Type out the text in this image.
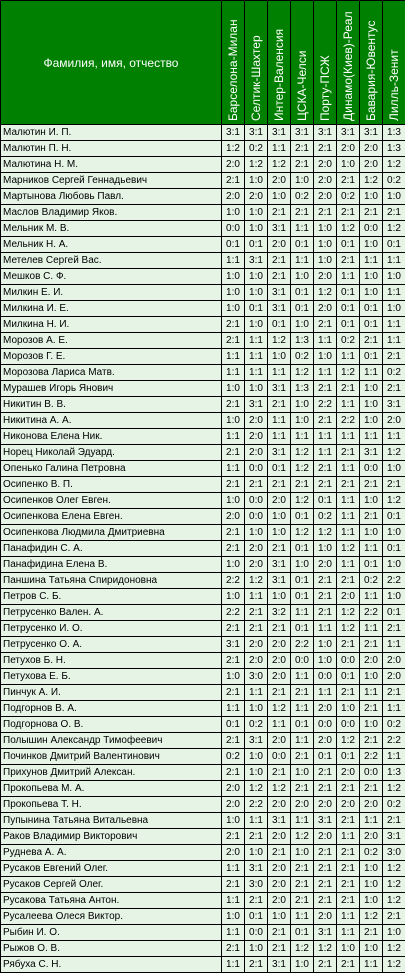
Фамилия, имя, отчество	Барселона-Милан	Селтик-Шахтер	Интер-Валенсия	ЦСКА-Челси	Порту-ПСЖ	Динамо(Киев)-Реал	Бавария-Ювентус	Лилль-Зенит
Малютин И. П.	3:1	3:1	3:1	3:1	3:1	3:1	3:1	1:3
Малютин П. Н.	1:2	0:2	1:1	2:1	2:1	2:0	2:0	1:3
Малютина Н. М.	2:0	1:2	1:2	2:1	2:0	1:0	2:0	1:2
Марников Сергей Геннадьевич	2:1	1:0	2:0	1:0	2:0	2:1	1:2	0:2
Мартынова Любовь Павл.	2:0	2:0	1:0	0:2	2:0	0:2	1:0	1:0
Маслов Владимир Яков.	1:0	1:0	2:1	2:1	2:1	2:1	2:1	2:1
Мельник М. В.	0:0	1:0	3:1	1:1	1:0	1:2	0:0	1:2
Мельник Н. А.	0:1	0:1	2:0	0:1	1:0	0:1	1:0	0:1
Метелев Сергей Вас.	1:1	3:1	2:1	1:1	1:0	2:1	1:1	1:1
Мешков С. Ф.	1:0	1:0	2:1	1:0	2:0	1:1	1:0	1:0
Милкин Е. И.	1:0	1:0	3:1	0:1	1:2	0:1	1:0	1:1
Милкина И. Е.	1:0	0:1	3:1	0:1	2:0	0:1	0:1	1:0
Милкина Н. И.	2:1	1:0	0:1	1:0	2:1	0:1	0:1	1:1
Морозов А. Е.	2:1	1:1	1:2	1:3	1:1	0:2	2:1	1:1
Морозов Г. Е.	1:1	1:1	1:0	0:2	1:0	1:1	0:1	2:1
Морозова Лариса Матв.	1:1	1:1	1:1	1:2	1:1	1:2	1:1	0:2
Мурашев Игорь Янович	1:0	1:0	3:1	1:3	2:1	2:1	1:0	2:1
Никитин В. В.	2:1	3:1	2:1	1:0	2:2	1:1	1:0	3:1
Никитина А. А.	1:0	2:0	1:1	1:0	2:1	2:2	1:0	2:0
Никонова Елена Ник.	1:1	2:0	1:1	1:1	1:1	1:1	1:1	1:1
Норец Николай Эдуард.	2:1	2:0	3:1	1:2	1:1	2:1	3:1	1:2
Опенько Галина Петровна	1:1	0:0	0:1	1:2	2:1	1:1	0:0	1:0
Осипенко В. П.	2:1	2:1	2:1	2:1	2:1	2:1	2:1	2:1
Осипенков Олег Евген.	1:0	0:0	2:0	1:2	0:1	1:1	1:0	1:2
Осипенкова Елена Евген.	2:0	0:0	1:0	0:1	0:2	1:1	2:1	0:1
Осипенкова Людмила Дмитриевна	2:1	1:0	1:0	1:2	1:2	1:1	1:0	1:0
Панафидин С. А.	2:1	2:0	2:1	0:1	1:0	1:2	1:1	0:1
Панафидина Елена В.	1:0	2:0	3:1	1:0	2:0	1:1	0:1	1:0
Паншина Татьяна Спиридоновна	2:2	1:2	3:1	0:1	2:1	2:1	0:2	2:2
Петров С. Б.	1:0	1:1	1:0	0:1	2:1	2:0	1:1	1:0
Петрусенко Вален. А.	2:2	2:1	3:2	1:1	2:1	1:2	2:2	0:1
Петрусенко И. О.	2:1	2:1	2:1	0:1	1:1	1:2	1:1	2:1
Петрусенко О. А.	3:1	2:0	2:0	2:2	1:0	2:1	2:1	1:1
Петухов Б. Н.	2:1	2:0	2:0	0:0	1:0	0:0	2:0	2:0
Петухова Е. Б.	1:0	3:0	2:0	1:1	0:0	0:1	1:0	2:0
Пинчук А. И.	2:1	1:1	2:1	2:1	1:1	2:1	1:1	2:1
Подгорнов В. А.	1:1	1:0	1:2	1:1	2:0	1:0	2:1	1:1
Подгорнова О. В.	0:1	0:2	1:1	0:1	0:0	0:0	1:0	0:2
Полышин Александр Тимофеевич	2:1	3:1	2:0	1:1	2:0	1:2	2:1	2:2
Починков Дмитрий Валентинович	0:2	1:0	0:0	2:1	0:1	0:1	2:2	1:1
Прихунов Дмитрий Алексан.	2:1	1:0	2:1	1:0	2:1	2:0	0:0	1:3
Прокопьева М. А.	2:0	1:2	1:2	2:1	2:1	2:1	2:1	1:2
Прокопьева Т. Н.	2:0	2:2	2:0	2:0	2:0	2:0	2:0	0:2
Пупынина Татьяна Витальевна	1:0	1:1	3:1	1:1	3:1	2:1	1:1	2:1
Раков Владимир Викторович	2:1	2:1	2:0	1:2	2:0	1:1	2:0	3:1
Руднева А. А.	2:0	1:0	2:1	1:0	2:1	2:1	0:2	3:0
Русаков Евгений Олег.	1:1	3:1	2:0	2:1	2:1	2:1	1:0	1:2
Русаков Сергей Олег.	2:1	3:0	2:0	2:1	2:1	2:1	1:0	1:2
Русакова Татьяна Антон.	1:1	2:1	2:0	2:1	2:1	2:1	1:0	1:2
Русалеева Олеся Виктор.	1:0	0:1	1:0	1:1	2:0	1:1	1:2	2:1
Рыбин И. О.	1:1	0:0	2:1	0:1	3:1	1:1	2:1	1:0
Рыжов О. В.	2:1	1:0	2:1	1:2	1:2	1:0	1:0	1:2
Рябуха С. Н.	1:1	2:1	3:1	1:0	2:1	2:1	1:1	1:2
